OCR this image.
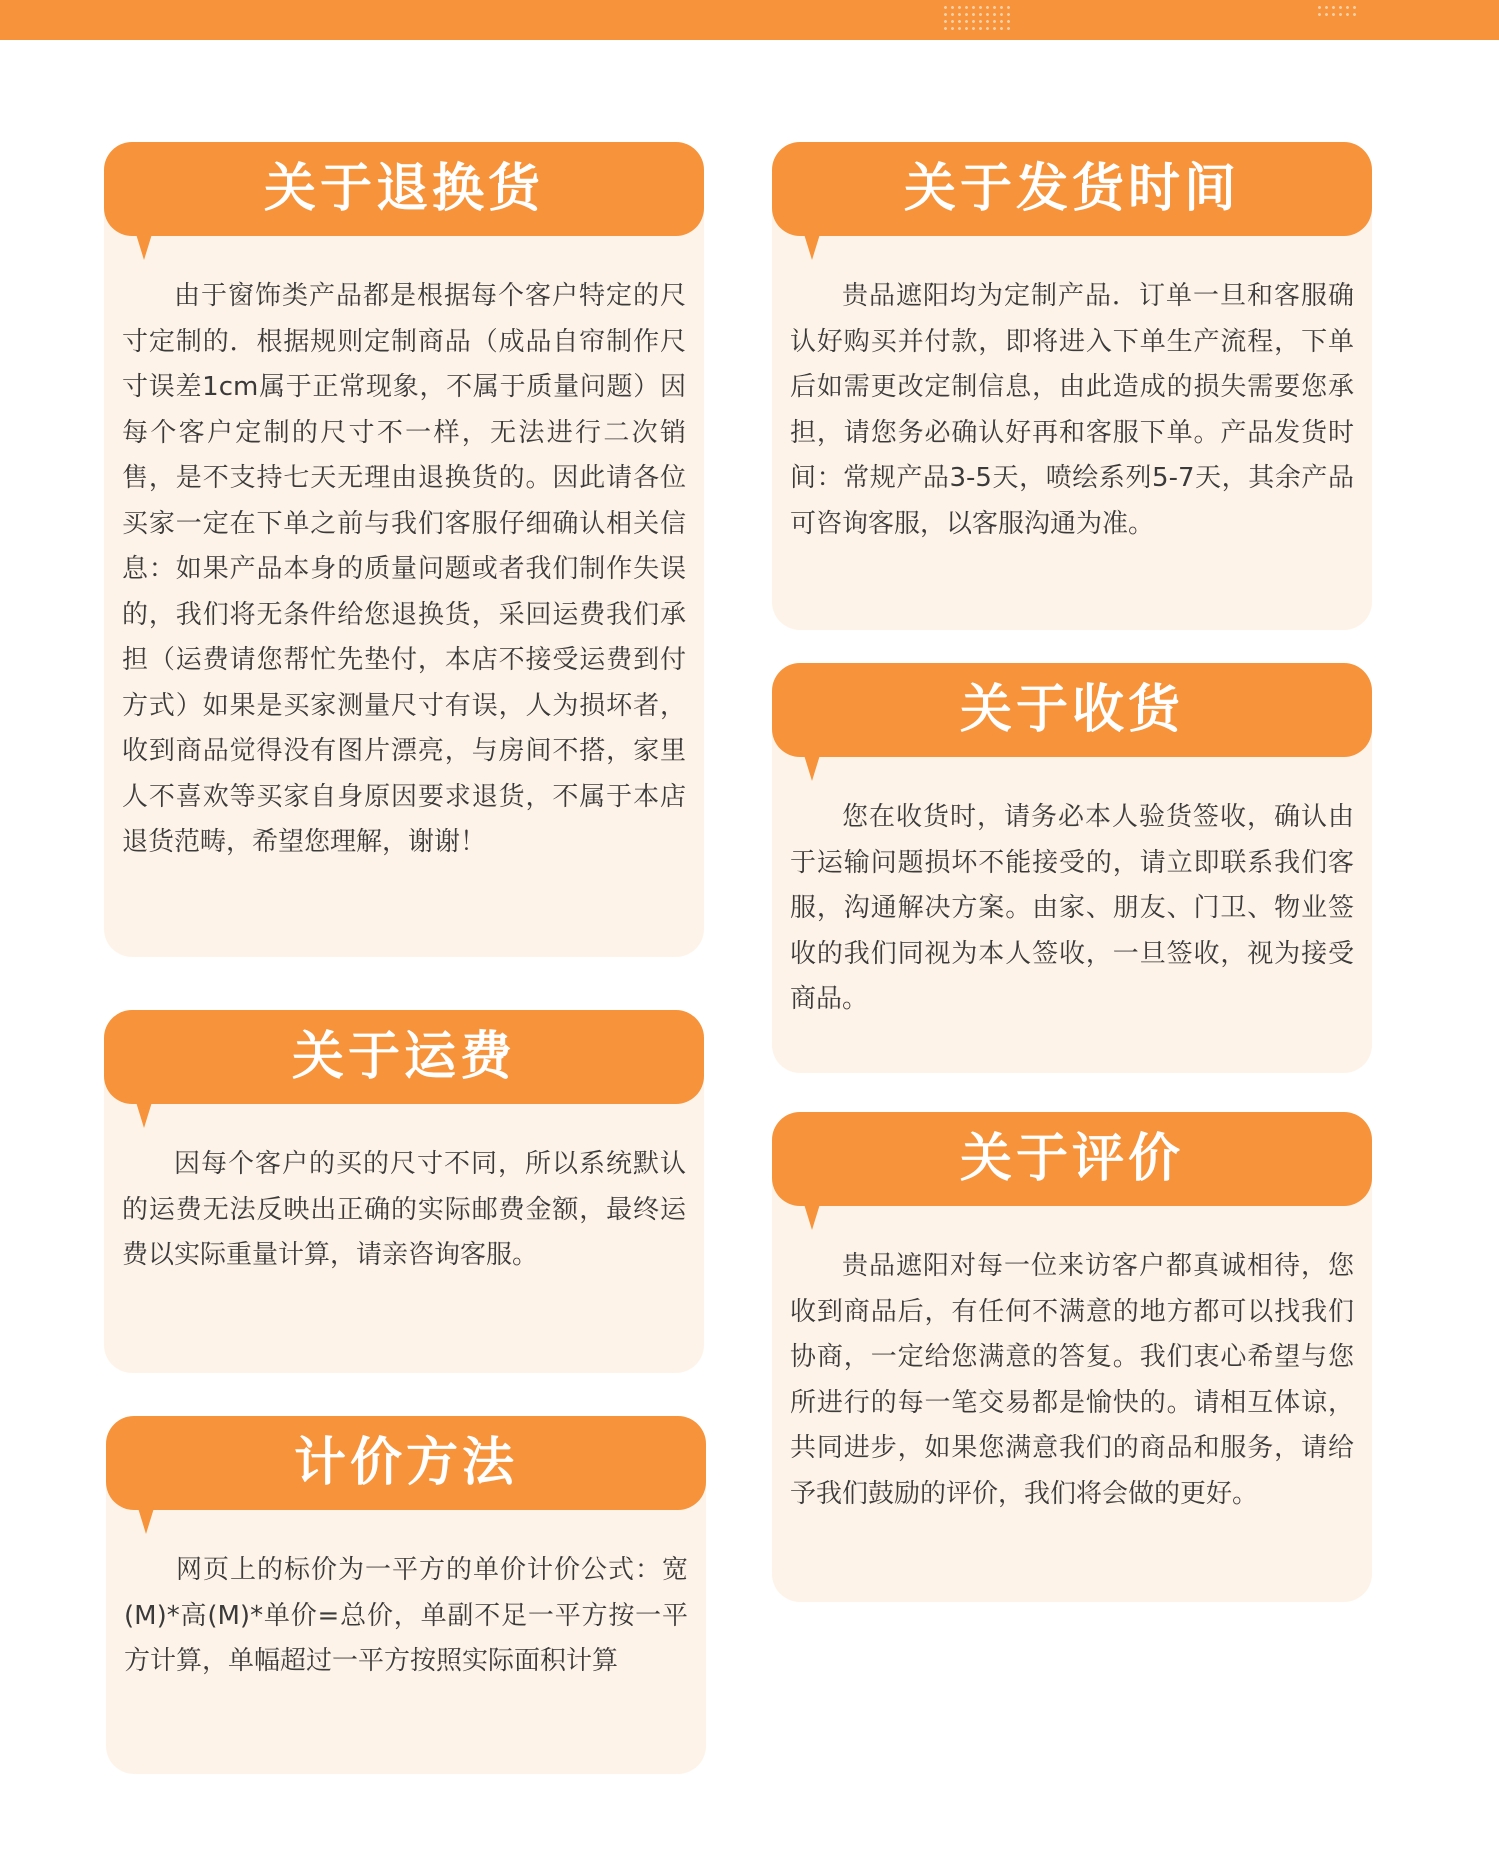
关于退换货

由于窗饰类产品都是根据每个客户特定的尺寸定制的．根据规则定制商品（成品自帘制作尺寸误差1cm属于正常现象，不属于质量问题）因每个客户定制的尺寸不一样，无法进行二次销售，是不支持七天无理由退换货的。因此请各位买家一定在下单之前与我们客服仔细确认相关信息：如果产品本身的质量问题或者我们制作失误的，我们将无条件给您退换货，采回运费我们承担（运费请您帮忙先垫付，本店不接受运费到付方式）如果是买家测量尺寸有误，人为损坏者，收到商品觉得没有图片漂亮，与房间不搭，家里人不喜欢等买家自身原因要求退货，不属于本店退货范畴，希望您理解，谢谢！

关于发货时间

贵品遮阳均为定制产品．订单一旦和客服确认好购买并付款，即将进入下单生产流程，下单后如需更改定制信息，由此造成的损失需要您承担，请您务必确认好再和客服下单。产品发货时间：常规产品3-5天，喷绘系列5-7天，其余产品可咨询客服，以客服沟通为准。

关于收货

您在收货时，请务必本人验货签收，确认由于运输问题损坏不能接受的，请立即联系我们客服，沟通解决方案。由家、朋友、门卫、物业签收的我们同视为本人签收，一旦签收，视为接受商品。

关于运费

因每个客户的买的尺寸不同，所以系统默认的运费无法反映出正确的实际邮费金额，最终运费以实际重量计算，请亲咨询客服。

关于评价

贵品遮阳对每一位来访客户都真诚相待，您收到商品后，有任何不满意的地方都可以找我们协商，一定给您满意的答复。我们衷心希望与您所进行的每一笔交易都是愉快的。请相互体谅，共同进步，如果您满意我们的商品和服务，请给予我们鼓励的评价，我们将会做的更好。

计价方法

网页上的标价为一平方的单价计价公式：宽(M)*高(M)*单价=总价，单副不足一平方按一平方计算，单幅超过一平方按照实际面积计算
